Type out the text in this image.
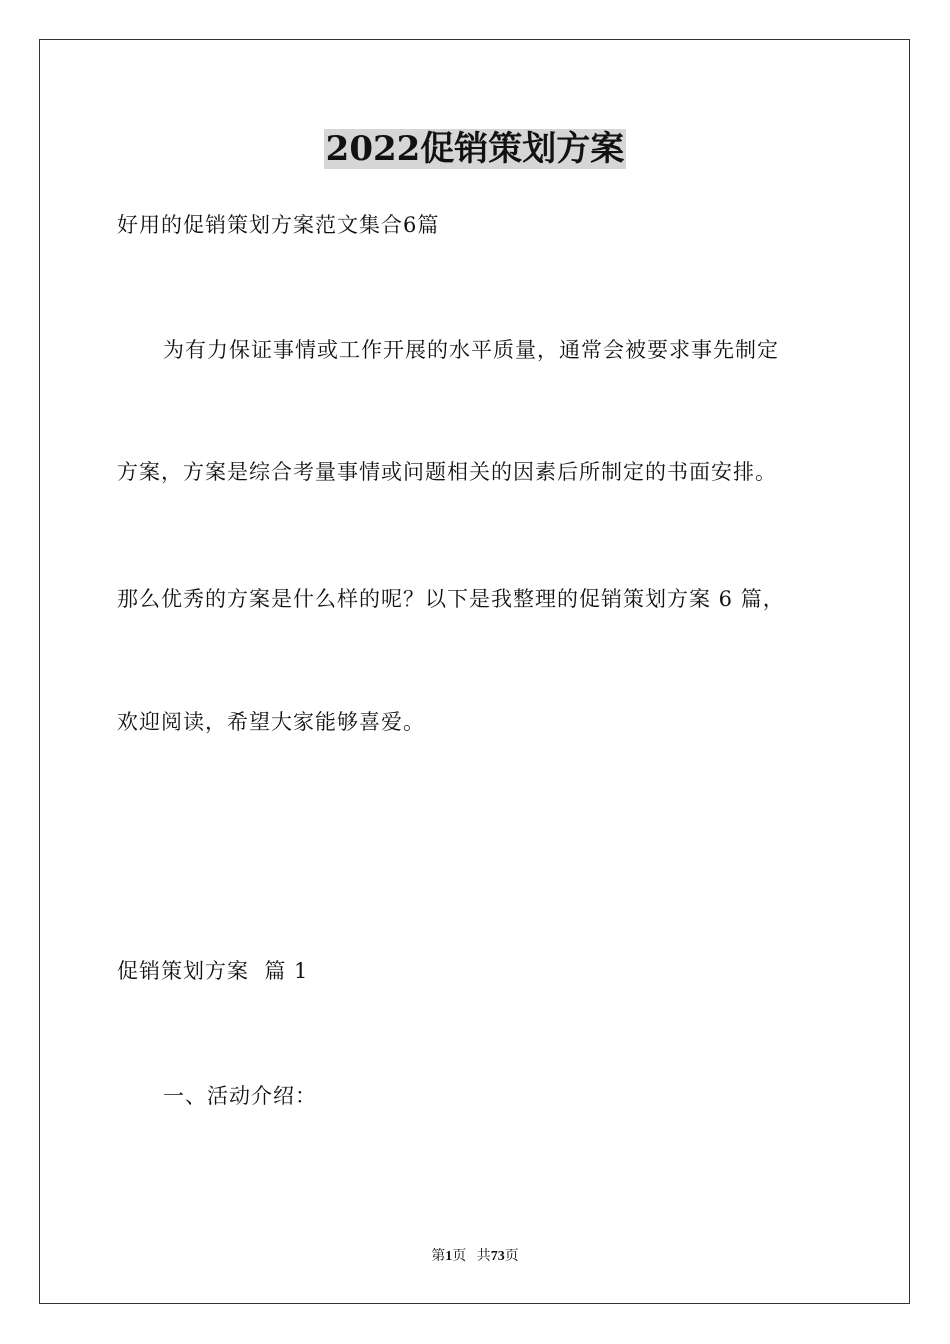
2022促销策划方案

好用的促销策划方案范文集合6篇

为有力保证事情或工作开展的水平质量，通常会被要求事先制定

方案，方案是综合考量事情或问题相关的因素后所制定的书面安排。

那么优秀的方案是什么样的呢？以下是我整理的促销策划方案 6 篇，

欢迎阅读，希望大家能够喜爱。

促销策划方案  篇 1

一、活动介绍：

第1页 共73页
